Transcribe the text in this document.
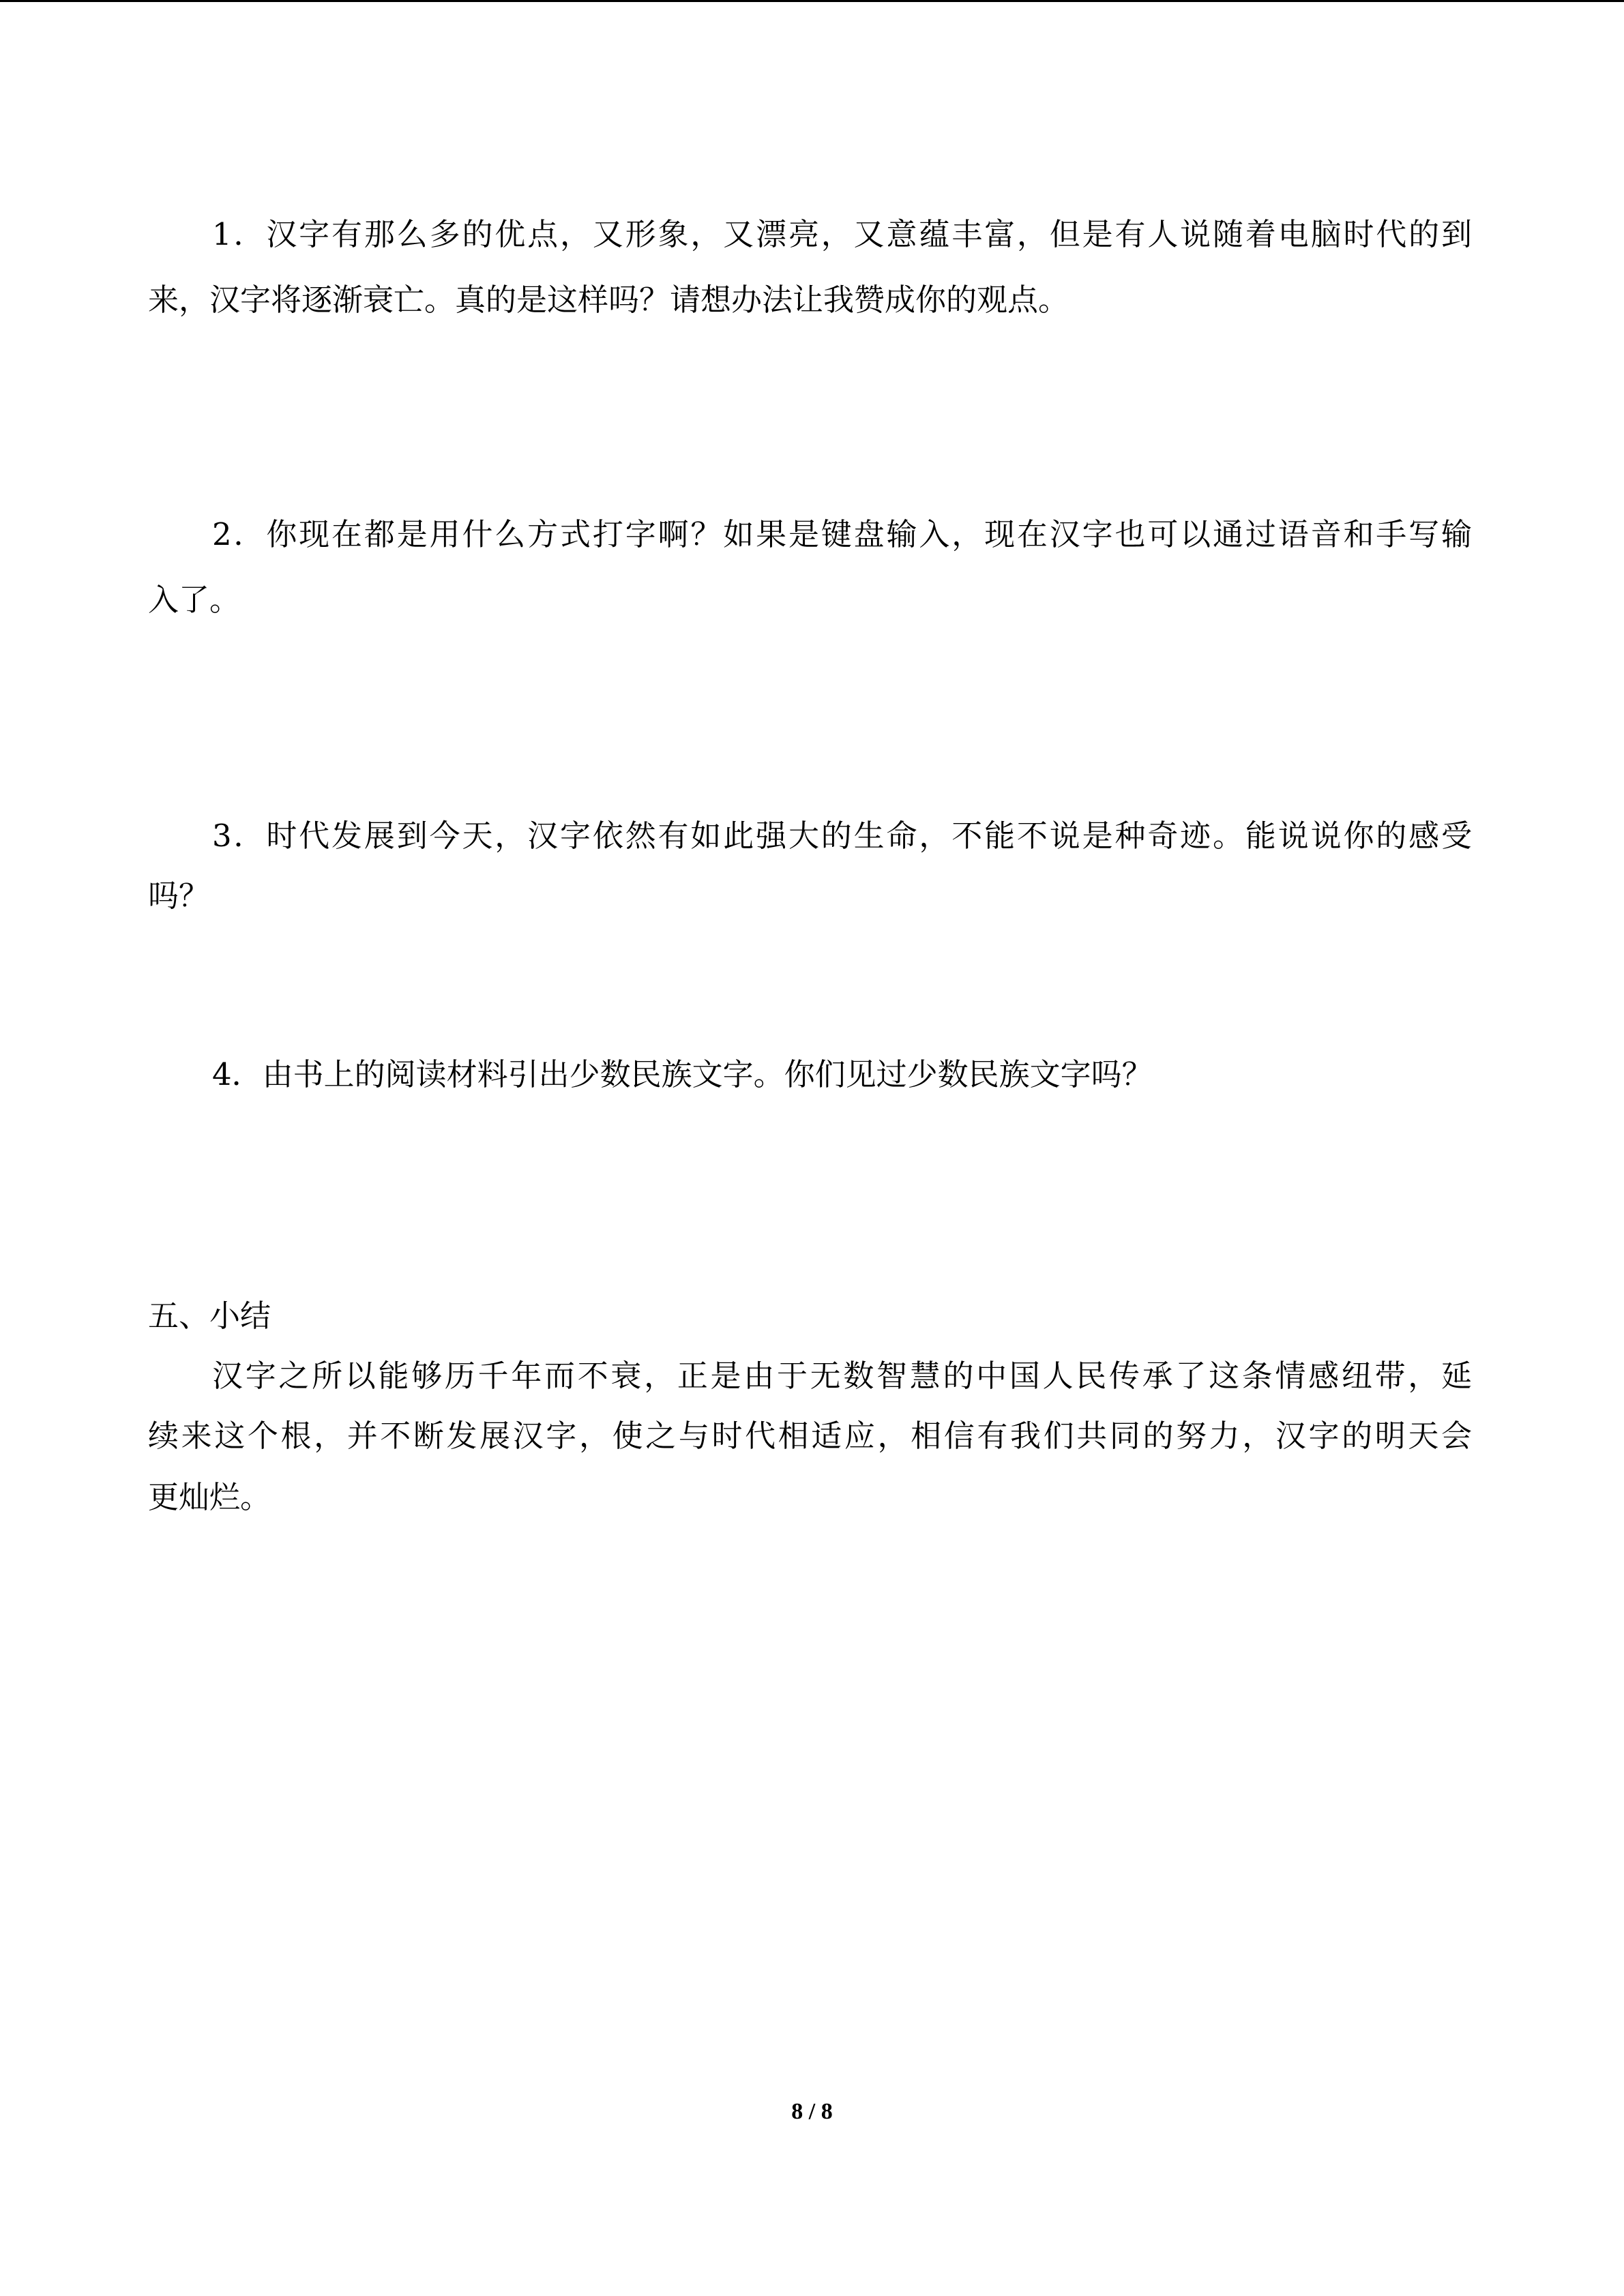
1．汉字有那么多的优点，又形象，又漂亮，又意蕴丰富，但是有人说随着电脑时代的到
来，汉字将逐渐衰亡。真的是这样吗？请想办法让我赞成你的观点。
2．你现在都是用什么方式打字啊？如果是键盘输入，现在汉字也可以通过语音和手写输
入了。
3．时代发展到今天，汉字依然有如此强大的生命，不能不说是种奇迹。能说说你的感受
吗？
4．由书上的阅读材料引出少数民族文字。你们见过少数民族文字吗？
五、小结
汉字之所以能够历千年而不衰，正是由于无数智慧的中国人民传承了这条情感纽带，延
续来这个根，并不断发展汉字，使之与时代相适应，相信有我们共同的努力，汉字的明天会
更灿烂。
8 / 8
